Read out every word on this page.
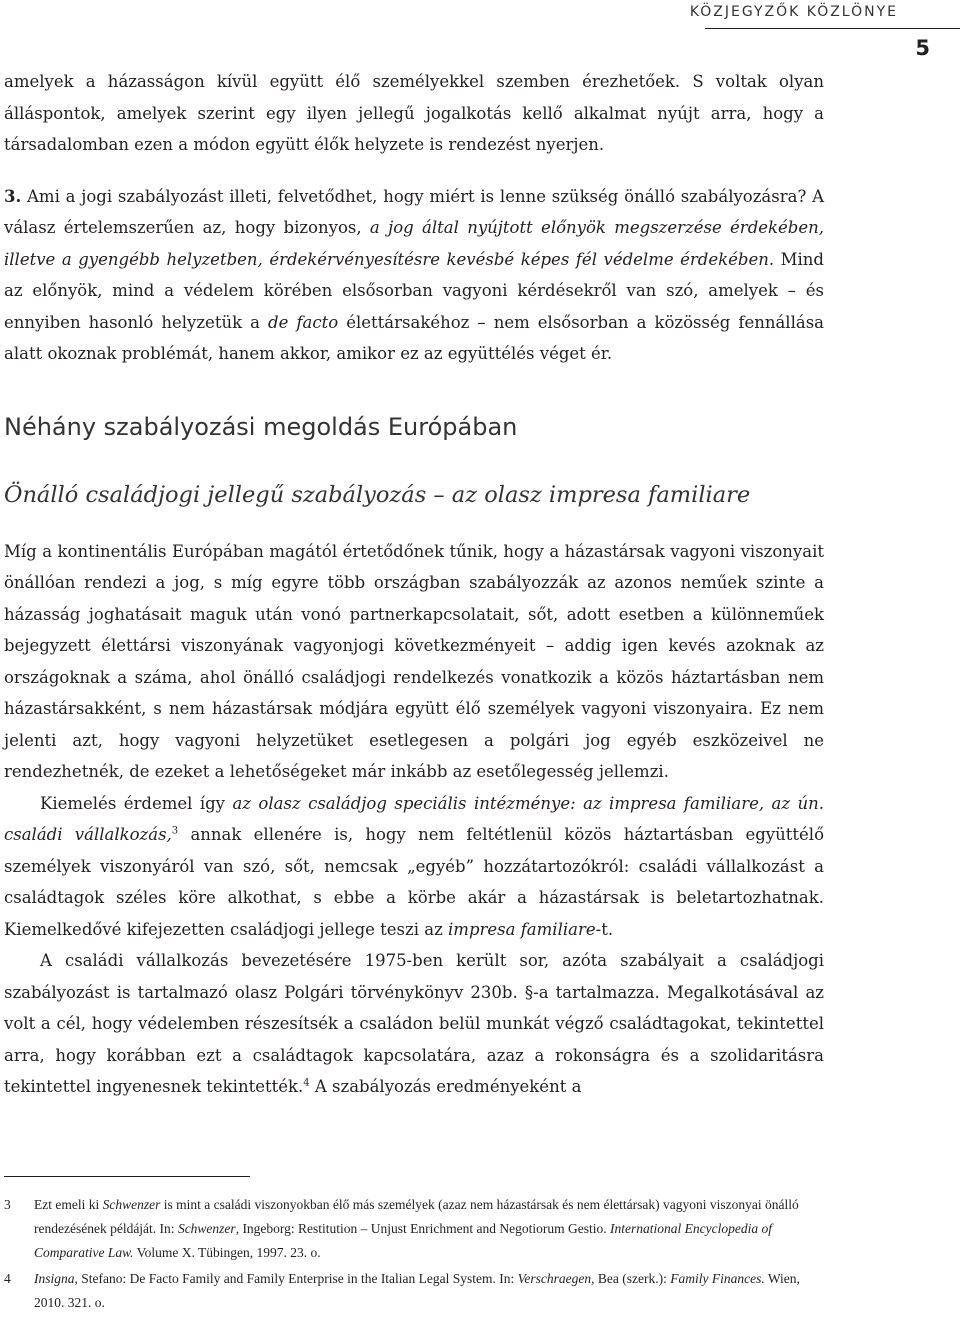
KÖZJEGYZŐK KÖZLÖNYE
5

amelyek a házasságon kívül együtt élő személyekkel szemben érezhetőek. S voltak olyan álláspontok, amelyek szerint egy ilyen jellegű jogalkotás kellő alkalmat nyújt arra, hogy a társadalomban ezen a módon együtt élők helyzete is rendezést nyerjen.

3. Ami a jogi szabályozást illeti, felvetődhet, hogy miért is lenne szükség önálló szabályozásra? A válasz értelemszerűen az, hogy bizonyos, a jog által nyújtott előnyök megszerzése érdekében, illetve a gyengébb helyzetben, érdekérvényesítésre kevésbé képes fél védelme érdekében. Mind az előnyök, mind a védelem körében elsősorban vagyoni kérdésekről van szó, amelyek – és ennyiben hasonló helyzetük a de facto élettársakéhoz – nem elsősorban a közösség fennállása alatt okoznak problémát, hanem akkor, amikor ez az együttélés véget ér.

Néhány szabályozási megoldás Európában
Önálló családjogi jellegű szabályozás – az olasz impresa familiare

Míg a kontinentális Európában magától értetődőnek tűnik, hogy a házastársak vagyoni viszonyait önállóan rendezi a jog, s míg egyre több országban szabályozzák az azonos neműek szinte a házasság joghatásait maguk után vonó partnerkapcsolatait, sőt, adott esetben a különneműek bejegyzett élettársi viszonyának vagyonjogi következményeit – addig igen kevés azoknak az országoknak a száma, ahol önálló családjogi rendelkezés vonatkozik a közös háztartásban nem házastársakként, s nem házastársak módjára együtt élő személyek vagyoni viszonyaira. Ez nem jelenti azt, hogy vagyoni helyzetüket esetlegesen a polgári jog egyéb eszközeivel ne rendezhetnék, de ezeket a lehetőségeket már inkább az esetőlegesség jellemzi.

Kiemelés érdemel így az olasz családjog speciális intézménye: az impresa familiare, az ún. családi vállalkozás,$^3$ annak ellenére is, hogy nem feltétlenül közös háztartásban együttélő személyek viszonyáról van szó, sőt, nemcsak „egyéb” hozzátartozókról: családi vállalkozást a családtagok széles köre alkothat, s ebbe a körbe akár a házastársak is beletartozhatnak. Kiemelkedővé kifejezetten családjogi jellege teszi az impresa familiare-t.

A családi vállalkozás bevezetésére 1975-ben került sor, azóta szabályait a családjogi szabályozást is tartalmazó olasz Polgári törvénykönyv 230b. §-a tartalmazza. Megalkotásával az volt a cél, hogy védelemben részesítsék a családon belül munkát végző családtagokat, tekintettel arra, hogy korábban ezt a családtagok kapcsolatára, azaz a rokonságra és a szolidaritásra tekintettel ingyenesnek tekintették.$^4$ A szabályozás eredményeként a

3 Ezt emeli ki Schwenzer is mint a családi viszonyokban élő más személyek (azaz nem házastársak és nem élettársak) vagyoni viszonyai önálló rendezésének példáját. In: Schwenzer, Ingeborg: Restitution – Unjust Enrichment and Negotiorum Gestio. International Encyclopedia of Comparative Law. Volume X. Tübingen, 1997. 23. o.

4 Insigna, Stefano: De Facto Family and Family Enterprise in the Italian Legal System. In: Verschraegen, Bea (szerk.): Family Finances. Wien, 2010. 321. o.
